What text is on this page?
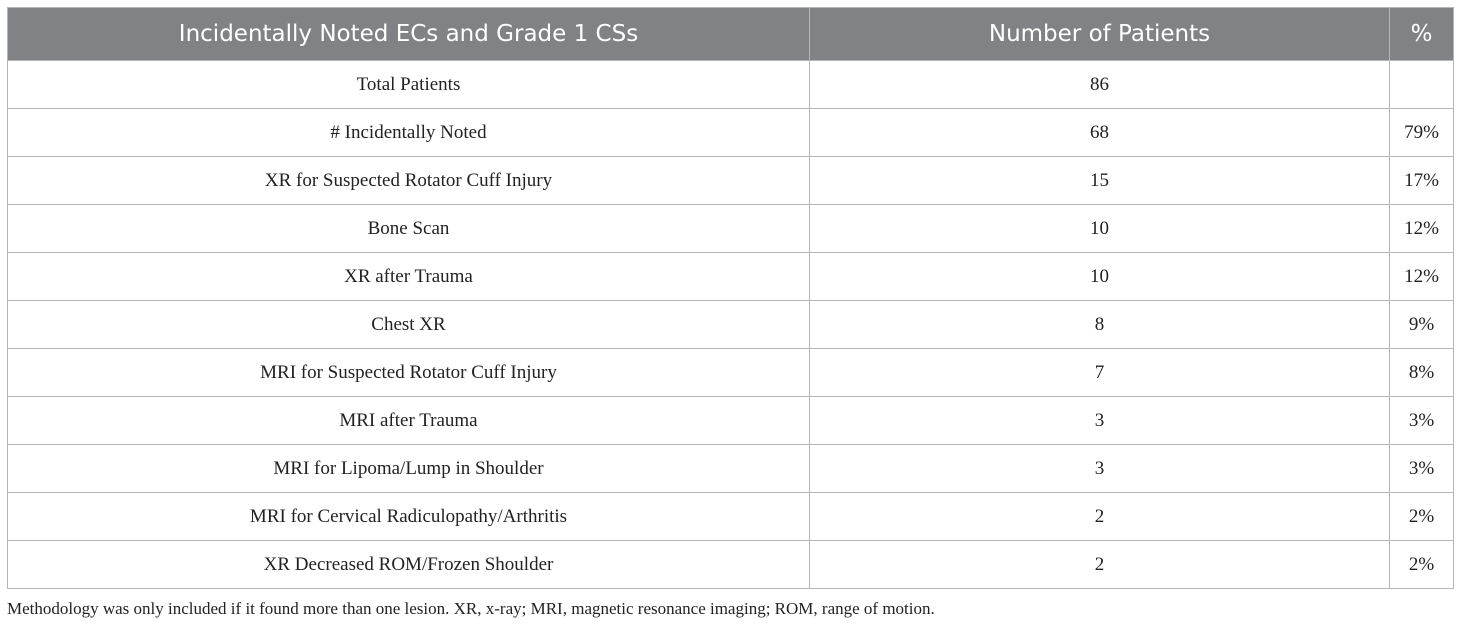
Incidentally Noted ECs and Grade 1 CSs	Number of Patients	%
Total Patients	86	
# Incidentally Noted	68	79%
XR for Suspected Rotator Cuff Injury	15	17%
Bone Scan	10	12%
XR after Trauma	10	12%
Chest XR	8	9%
MRI for Suspected Rotator Cuff Injury	7	8%
MRI after Trauma	3	3%
MRI for Lipoma/Lump in Shoulder	3	3%
MRI for Cervical Radiculopathy/Arthritis	2	2%
XR Decreased ROM/Frozen Shoulder	2	2%
Methodology was only included if it found more than one lesion. XR, x-ray; MRI, magnetic resonance imaging; ROM, range of motion.
